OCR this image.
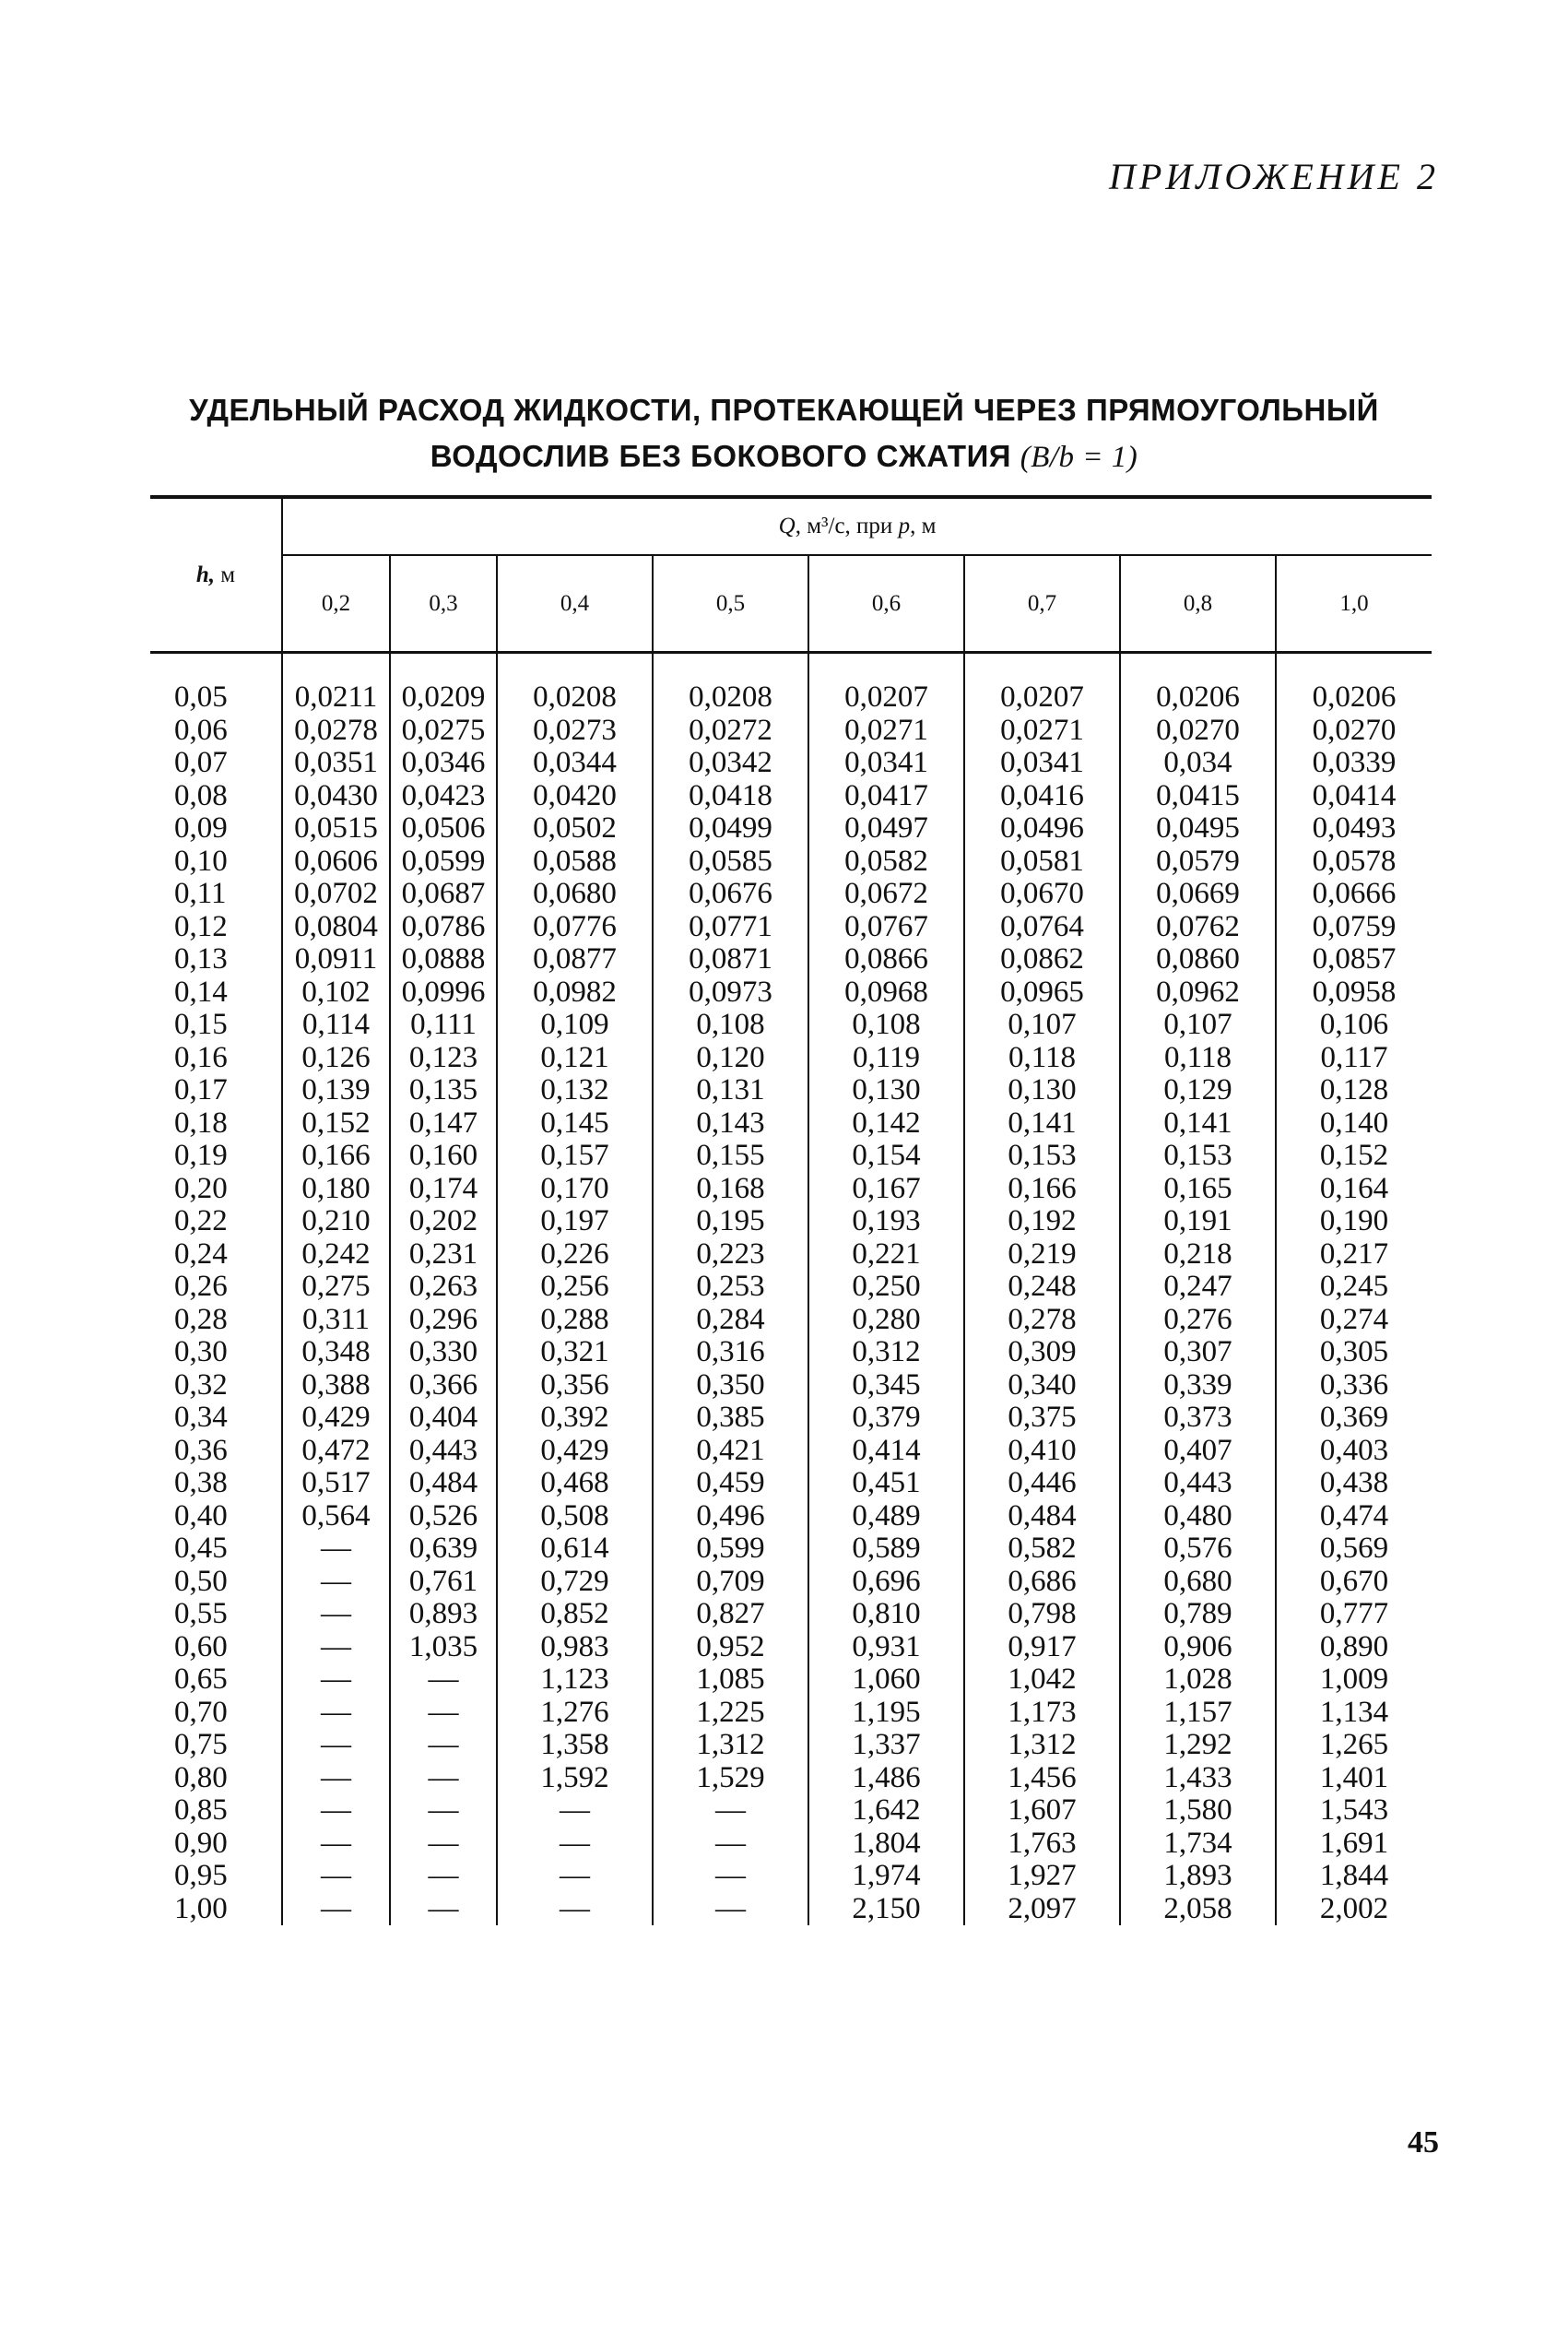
ПРИЛОЖЕНИЕ 2
УДЕЛЬНЫЙ РАСХОД ЖИДКОСТИ, ПРОТЕКАЮЩЕЙ ЧЕРЕЗ ПРЯМОУГОЛЬНЫЙ
ВОДОСЛИВ БЕЗ БОКОВОГО СЖАТИЯ (B/b = 1)
h, м	Q, м³/с, при p, м							
	0,2	0,3	0,4	0,5	0,6	0,7	0,8	1,0
0,05	0,0211	0,0209	0,0208	0,0208	0,0207	0,0207	0,0206	0,0206
0,06	0,0278	0,0275	0,0273	0,0272	0,0271	0,0271	0,0270	0,0270
0,07	0,0351	0,0346	0,0344	0,0342	0,0341	0,0341	0,034	0,0339
0,08	0,0430	0,0423	0,0420	0,0418	0,0417	0,0416	0,0415	0,0414
0,09	0,0515	0,0506	0,0502	0,0499	0,0497	0,0496	0,0495	0,0493
0,10	0,0606	0,0599	0,0588	0,0585	0,0582	0,0581	0,0579	0,0578
0,11	0,0702	0,0687	0,0680	0,0676	0,0672	0,0670	0,0669	0,0666
0,12	0,0804	0,0786	0,0776	0,0771	0,0767	0,0764	0,0762	0,0759
0,13	0,0911	0,0888	0,0877	0,0871	0,0866	0,0862	0,0860	0,0857
0,14	0,102	0,0996	0,0982	0,0973	0,0968	0,0965	0,0962	0,0958
0,15	0,114	0,111	0,109	0,108	0,108	0,107	0,107	0,106
0,16	0,126	0,123	0,121	0,120	0,119	0,118	0,118	0,117
0,17	0,139	0,135	0,132	0,131	0,130	0,130	0,129	0,128
0,18	0,152	0,147	0,145	0,143	0,142	0,141	0,141	0,140
0,19	0,166	0,160	0,157	0,155	0,154	0,153	0,153	0,152
0,20	0,180	0,174	0,170	0,168	0,167	0,166	0,165	0,164
0,22	0,210	0,202	0,197	0,195	0,193	0,192	0,191	0,190
0,24	0,242	0,231	0,226	0,223	0,221	0,219	0,218	0,217
0,26	0,275	0,263	0,256	0,253	0,250	0,248	0,247	0,245
0,28	0,311	0,296	0,288	0,284	0,280	0,278	0,276	0,274
0,30	0,348	0,330	0,321	0,316	0,312	0,309	0,307	0,305
0,32	0,388	0,366	0,356	0,350	0,345	0,340	0,339	0,336
0,34	0,429	0,404	0,392	0,385	0,379	0,375	0,373	0,369
0,36	0,472	0,443	0,429	0,421	0,414	0,410	0,407	0,403
0,38	0,517	0,484	0,468	0,459	0,451	0,446	0,443	0,438
0,40	0,564	0,526	0,508	0,496	0,489	0,484	0,480	0,474
0,45	—	0,639	0,614	0,599	0,589	0,582	0,576	0,569
0,50	—	0,761	0,729	0,709	0,696	0,686	0,680	0,670
0,55	—	0,893	0,852	0,827	0,810	0,798	0,789	0,777
0,60	—	1,035	0,983	0,952	0,931	0,917	0,906	0,890
0,65	—	—	1,123	1,085	1,060	1,042	1,028	1,009
0,70	—	—	1,276	1,225	1,195	1,173	1,157	1,134
0,75	—	—	1,358	1,312	1,337	1,312	1,292	1,265
0,80	—	—	1,592	1,529	1,486	1,456	1,433	1,401
0,85	—	—	—	—	1,642	1,607	1,580	1,543
0,90	—	—	—	—	1,804	1,763	1,734	1,691
0,95	—	—	—	—	1,974	1,927	1,893	1,844
1,00	—	—	—	—	2,150	2,097	2,058	2,002
45
